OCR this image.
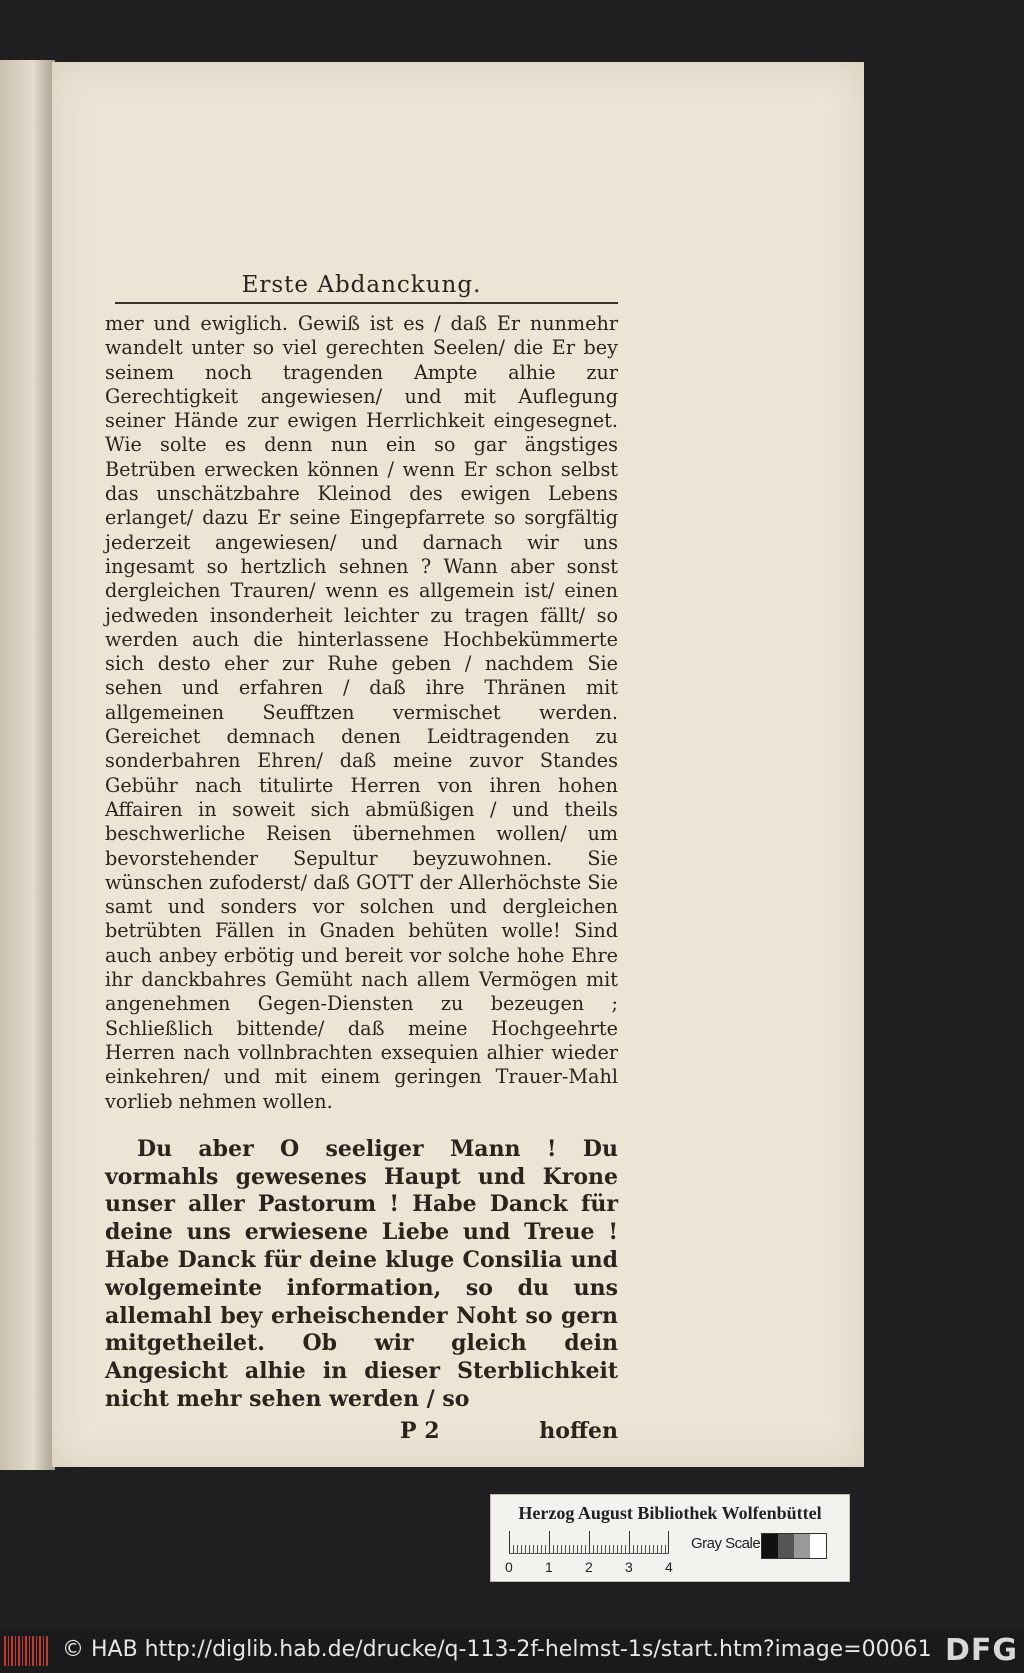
Erste Abdanckung.

mer und ewiglich. Gewiß ist es / daß Er nunmehr wandelt unter so viel gerechten Seelen/ die Er bey seinem noch tragenden Ampte alhie zur Gerechtigkeit angewiesen/ und mit Auflegung seiner Hände zur ewigen Herrlichkeit eingesegnet. Wie solte es denn nun ein so gar ängstiges Betrüben erwecken können / wenn Er schon selbst das unschätzbahre Kleinod des ewigen Lebens erlanget/ dazu Er seine Eingepfarrete so sorgfältig jederzeit angewiesen/ und darnach wir uns ingesamt so hertzlich sehnen ? Wann aber sonst dergleichen Trauren/ wenn es allgemein ist/ einen jedweden insonderheit leichter zu tragen fällt/ so werden auch die hinterlassene Hochbekümmerte sich desto eher zur Ruhe geben / nachdem Sie sehen und erfahren / daß ihre Thränen mit allgemeinen Seufftzen vermischet werden. Gereichet demnach denen Leidtragenden zu sonderbahren Ehren/ daß meine zuvor Standes Gebühr nach titulirte Herren von ihren hohen Affairen in soweit sich abmüßigen / und theils beschwerliche Reisen übernehmen wollen/ um bevorstehender Sepultur beyzuwohnen. Sie wünschen zufoderst/ daß GOTT der Allerhöchste Sie samt und sonders vor solchen und dergleichen betrübten Fällen in Gnaden behüten wolle! Sind auch anbey erbötig und bereit vor solche hohe Ehre ihr danckbahres Gemüht nach allem Vermögen mit angenehmen Gegen-Diensten zu bezeugen ; Schließlich bittende/ daß meine Hochgeehrte Herren nach vollnbrachten exsequien alhier wieder einkehren/ und mit einem geringen Trauer-Mahl vorlieb nehmen wollen.

Du aber O seeliger Mann ! Du vormahls gewesenes Haupt und Krone unser aller Pastorum ! Habe Danck für deine uns erwiesene Liebe und Treue ! Habe Danck für deine kluge Consilia und wolgemeinte information, so du uns allemahl bey erheischender Noht so gern mitgetheilet. Ob wir gleich dein Angesicht alhie in dieser Sterblichkeit nicht mehr sehen werden / so

P 2	hoffen
Herzog August Bibliothek Wolfenbüttel
0 1 2 3 4
Gray Scale
© HAB http://diglib.hab.de/drucke/q-113-2f-helmst-1s/start.htm?image=00061 DFG
